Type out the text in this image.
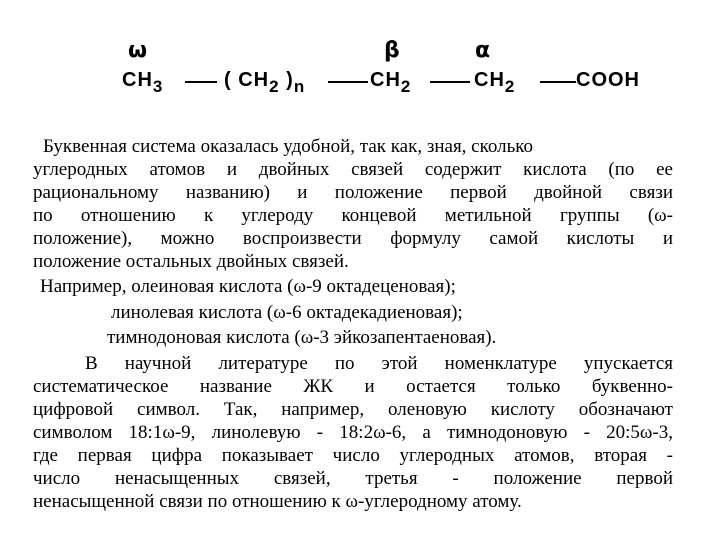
ω	β	α
$CH_3$	( $CH_2$ )$_n$	$CH_2$	$CH_2$	COOH
Буквенная система оказалась удобной, так как, зная, сколько
углеродных атомов и двойных связей содержит кислота (по ее
рациональному названию) и положение первой двойной связи
по отношению к углероду концевой метильной группы (ω-
положение), можно воспроизвести формулу самой кислоты и
положение остальных двойных связей.
Например, олеиновая кислота (ω-9 октадеценовая);
линолевая кислота (ω-6 октадекадиеновая);
тимнодоновая кислота (ω-3 эйкозапентаеновая).
В научной литературе по этой номенклатуре упускается
систематическое название ЖК и остается только буквенно-
цифровой символ. Так, например, оленовую кислоту обозначают
символом 18:1ω-9, линолевую - 18:2ω-6, а тимнодоновую - 20:5ω-3,
где первая цифра показывает число углеродных атомов, вторая -
число ненасыщенных связей, третья - положение первой
ненасыщенной связи по отношению к ω-углеродному атому.
